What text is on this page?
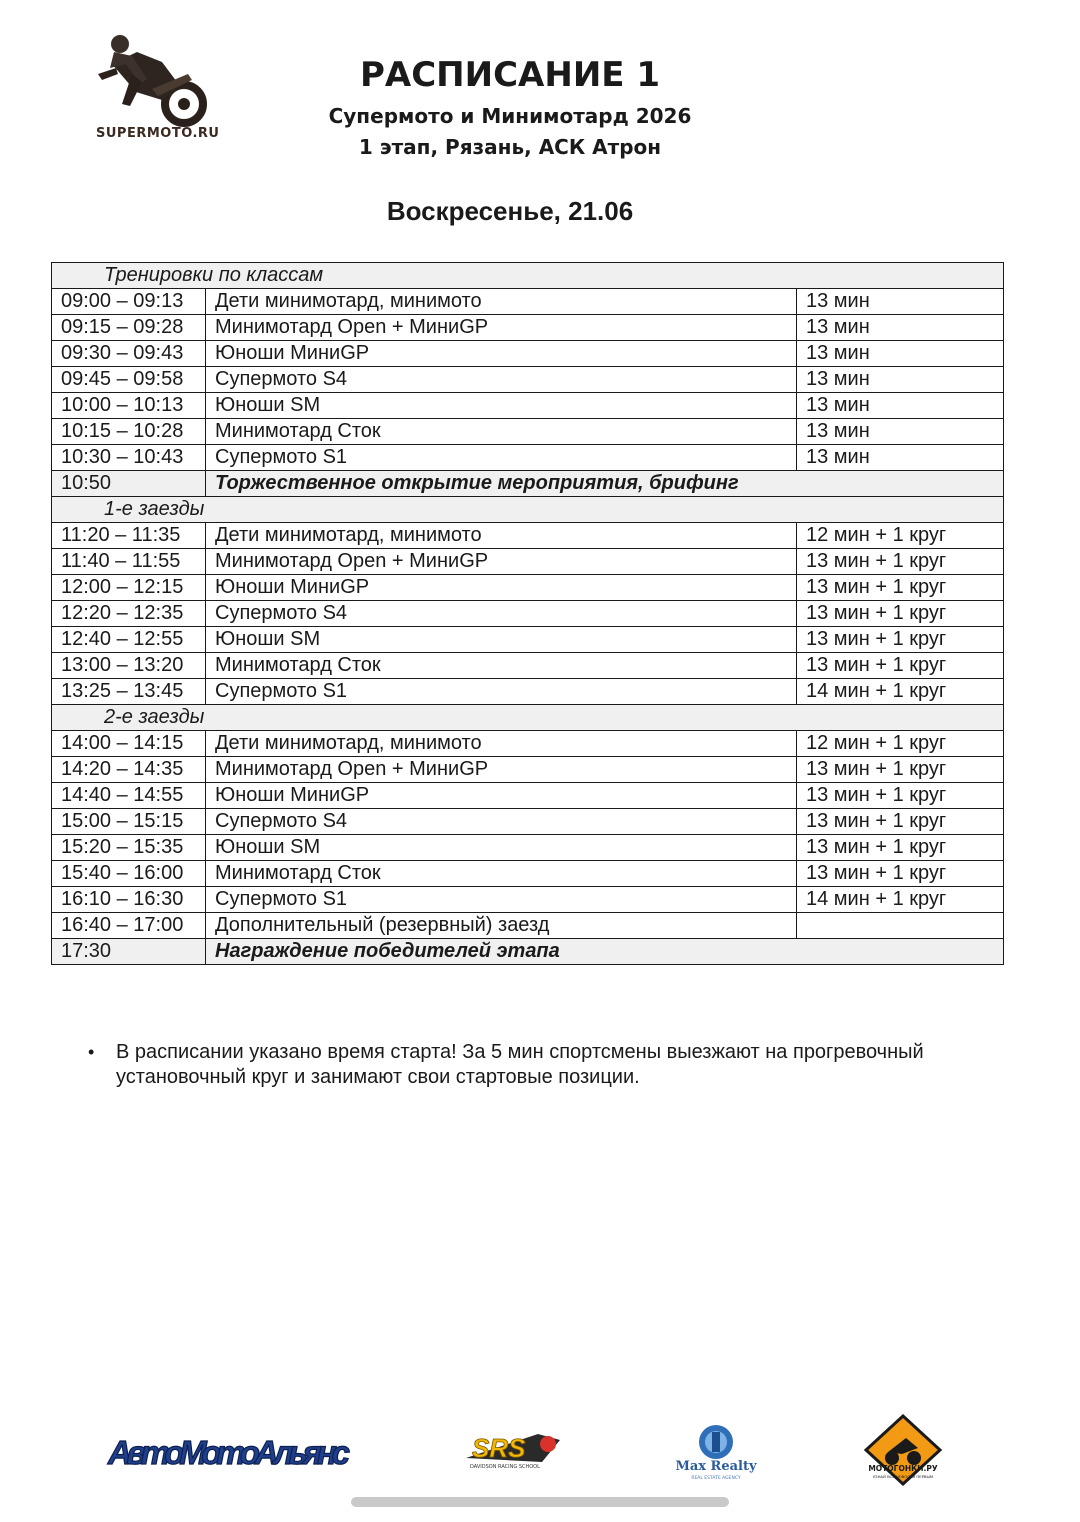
SUPERMOTO.RU
РАСПИСАНИЕ 1
Супермото и Минимотард 2026
1 этап, Рязань, АСК Атрон
Воскресенье, 21.06
Тренировки по классам		
09:00 – 09:13	Дети минимотард, минимото	13 мин
09:15 – 09:28	Минимотард Open + МиниGP	13 мин
09:30 – 09:43	Юноши МиниGP	13 мин
09:45 – 09:58	Супермото S4	13 мин
10:00 – 10:13	Юноши SM	13 мин
10:15 – 10:28	Минимотард Сток	13 мин
10:30 – 10:43	Супермото S1	13 мин
10:50	Торжественное открытие мероприятия, брифинг	
1-е заезды		
11:20 – 11:35	Дети минимотард, минимото	12 мин + 1 круг
11:40 – 11:55	Минимотард Open + МиниGP	13 мин + 1 круг
12:00 – 12:15	Юноши МиниGP	13 мин + 1 круг
12:20 – 12:35	Супермото S4	13 мин + 1 круг
12:40 – 12:55	Юноши SM	13 мин + 1 круг
13:00 – 13:20	Минимотард Сток	13 мин + 1 круг
13:25 – 13:45	Супермото S1	14 мин + 1 круг
2-е заезды		
14:00 – 14:15	Дети минимотард, минимото	12 мин + 1 круг
14:20 – 14:35	Минимотард Open + МиниGP	13 мин + 1 круг
14:40 – 14:55	Юноши МиниGP	13 мин + 1 круг
15:00 – 15:15	Супермото S4	13 мин + 1 круг
15:20 – 15:35	Юноши SM	13 мин + 1 круг
15:40 – 16:00	Минимотард Сток	13 мин + 1 круг
16:10 – 16:30	Супермото S1	14 мин + 1 круг
16:40 – 17:00	Дополнительный (резервный) заезд	
17:30	Награждение победителей этапа	
• В расписании указано время старта! За 5 мин спортсмены выезжают на прогревочный установочный круг и занимают свои стартовые позиции.
АвтоМотоАльянс	SRS
DAVIDSON RACING SCHOOL	Max Realty
REAL ESTATE AGENCY
МОТОГОНКИ.РУ
УЗНАЙ ВСЕ НОВОСТИ ПЕРВЫМ
